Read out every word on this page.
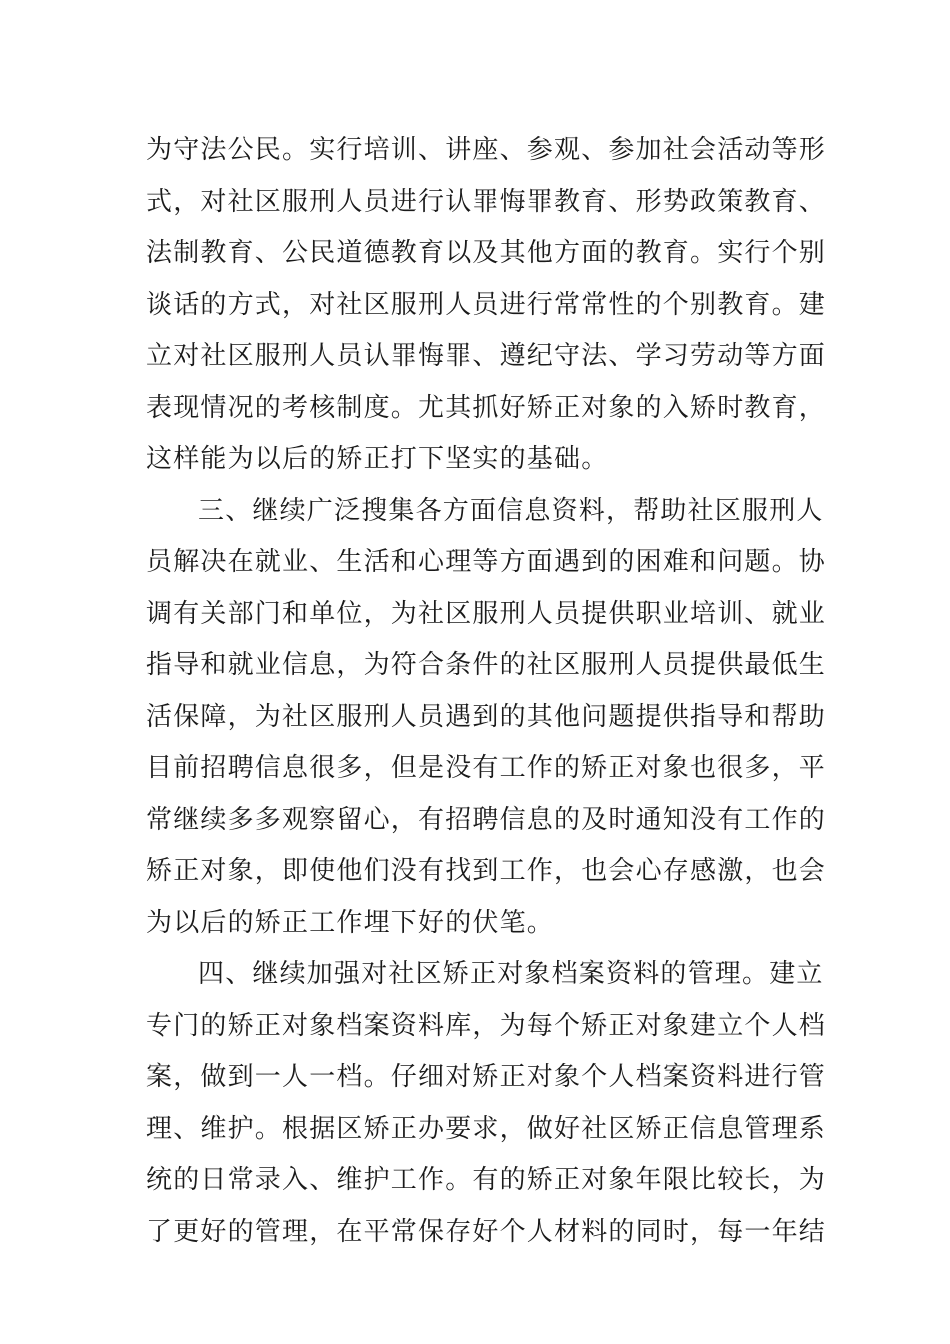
为守法公民。实行培训、讲座、参观、参加社会活动等形
式，对社区服刑人员进行认罪悔罪教育、形势政策教育、
法制教育、公民道德教育以及其他方面的教育。实行个别
谈话的方式，对社区服刑人员进行常常性的个别教育。建
立对社区服刑人员认罪悔罪、遵纪守法、学习劳动等方面
表现情况的考核制度。尤其抓好矫正对象的入矫时教育，
这样能为以后的矫正打下坚实的基础。
三、继续广泛搜集各方面信息资料，帮助社区服刑人
员解决在就业、生活和心理等方面遇到的困难和问题。协
调有关部门和单位，为社区服刑人员提供职业培训、就业
指导和就业信息，为符合条件的社区服刑人员提供最低生
活保障，为社区服刑人员遇到的其他问题提供指导和帮助
目前招聘信息很多，但是没有工作的矫正对象也很多，平
常继续多多观察留心，有招聘信息的及时通知没有工作的
矫正对象，即使他们没有找到工作，也会心存感激，也会
为以后的矫正工作埋下好的伏笔。
四、继续加强对社区矫正对象档案资料的管理。建立
专门的矫正对象档案资料库，为每个矫正对象建立个人档
案，做到一人一档。仔细对矫正对象个人档案资料进行管
理、维护。根据区矫正办要求，做好社区矫正信息管理系
统的日常录入、维护工作。有的矫正对象年限比较长，为
了更好的管理，在平常保存好个人材料的同时，每一年结
